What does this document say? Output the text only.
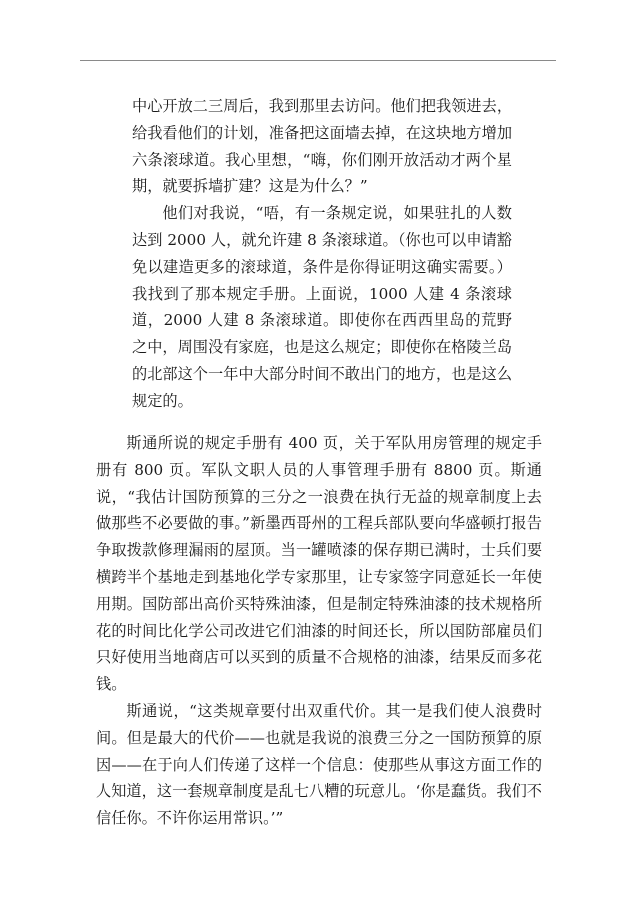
中心开放二三周后，我到那里去访问。他们把我领进去，给我看他们的计划，准备把这面墙去掉，在这块地方增加六条滚球道。我心里想，“嗨，你们刚开放活动才两个星期，就要拆墙扩建？这是为什么？”

他们对我说，“唔，有一条规定说，如果驻扎的人数达到 2000 人，就允许建 8 条滚球道。（你也可以申请豁免以建造更多的滚球道，条件是你得证明这确实需要。）我找到了那本规定手册。上面说，1000 人建 4 条滚球道，2000 人建 8 条滚球道。即使你在西西里岛的荒野之中，周围没有家庭，也是这么规定；即使你在格陵兰岛的北部这个一年中大部分时间不敢出门的地方，也是这么规定的。

斯通所说的规定手册有 400 页，关于军队用房管理的规定手册有 800 页。军队文职人员的人事管理手册有 8800 页。斯通说，“我估计国防预算的三分之一浪费在执行无益的规章制度上去做那些不必要做的事。”新墨西哥州的工程兵部队要向华盛顿打报告争取拨款修理漏雨的屋顶。当一罐喷漆的保存期已满时，士兵们要横跨半个基地走到基地化学专家那里，让专家签字同意延长一年使用期。国防部出高价买特殊油漆，但是制定特殊油漆的技术规格所花的时间比化学公司改进它们油漆的时间还长，所以国防部雇员们只好使用当地商店可以买到的质量不合规格的油漆，结果反而多花钱。

斯通说，“这类规章要付出双重代价。其一是我们使人浪费时间。但是最大的代价——也就是我说的浪费三分之一国防预算的原因——在于向人们传递了这样一个信息：使那些从事这方面工作的人知道，这一套规章制度是乱七八糟的玩意儿。‘你是蠢货。我们不信任你。不许你运用常识。’”
